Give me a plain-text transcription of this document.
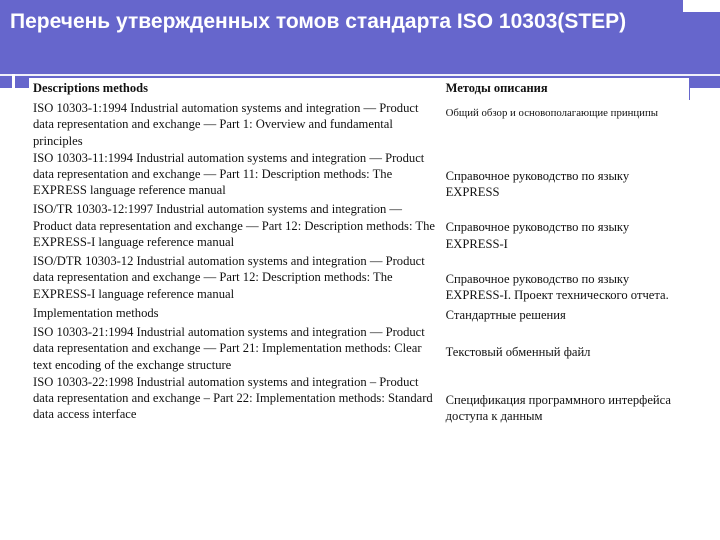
Перечень утвержденных томов стандарта ISO 10303(STEP)
Descriptions methods	Методы описания
ISO 10303-1:1994 Industrial automation systems and integration — Product data representation and exchange — Part 1: Overview and fundamental principles	Общий обзор и основополагающие принципы
ISO 10303-11:1994 Industrial automation systems and integration — Product data representation and exchange — Part 11: Description methods: The EXPRESS language reference manual	Справочное руководство по языку EXPRESS
ISO/TR 10303-12:1997 Industrial automation systems and integration — Product data representation and exchange — Part 12: Description methods: The EXPRESS-I language reference manual	Справочное руководство по языку EXPRESS-I
ISO/DTR 10303-12 Industrial automation systems and integration — Product data representation and exchange — Part 12: Description methods: The EXPRESS-I language reference manual	Справочное руководство по языку EXPRESS-I. Проект технического отчета.
Implementation methods	Стандартные решения
ISO 10303-21:1994 Industrial automation systems and integration — Product data representation and exchange — Part 21: Implementation methods: Clear text encoding of the exchange structure	Текстовый обменный файл
ISO 10303-22:1998 Industrial automation systems and integration – Product data representation and exchange – Part 22: Implementation methods: Standard data access interface	Спецификация программного интерфейса доступа к данным
